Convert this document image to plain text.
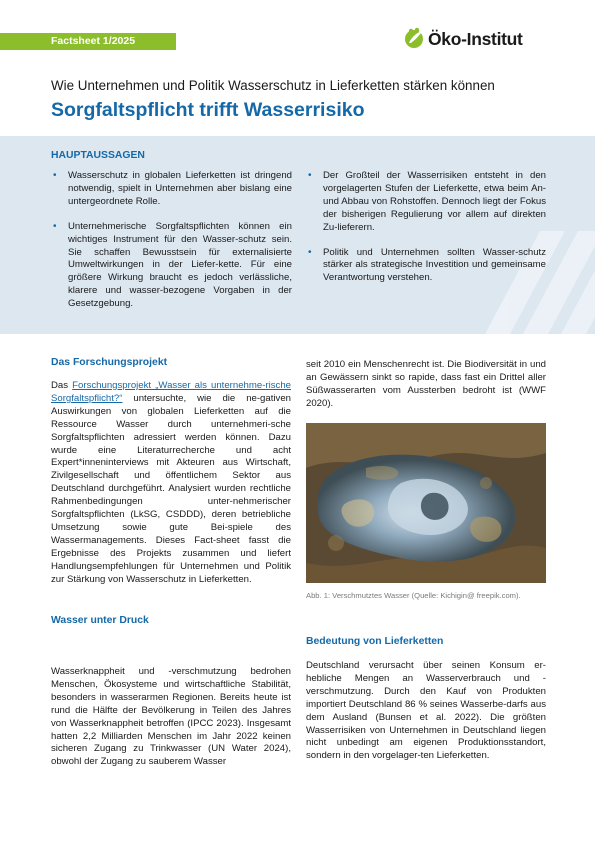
Factsheet 1/2025	Öko-Institut
Wie Unternehmen und Politik Wasserschutz in Lieferketten stärken können
Sorgfaltspflicht trifft Wasserrisiko
HAUPTAUSSAGEN
• Wasserschutz in globalen Lieferketten ist dringend notwendig, spielt in Unternehmen aber bislang eine untergeordnete Rolle.
• Unternehmerische Sorgfaltspflichten können ein wichtiges Instrument für den Wasser-schutz sein. Sie schaffen Bewusstsein für externalisierte Umweltwirkungen in der Liefer-kette. Für eine größere Wirkung braucht es jedoch verlässliche, klarere und wasser-bezogene Vorgaben in der Gesetzgebung.
• Der Großteil der Wasserrisiken entsteht in den vorgelagerten Stufen der Lieferkette, etwa beim An- und Abbau von Rohstoffen. Dennoch liegt der Fokus der bisherigen Regulierung vor allem auf direkten Zu-lieferern.
• Politik und Unternehmen sollten Wasser-schutz stärker als strategische Investition und gemeinsame Verantwortung verstehen.
Das Forschungsprojekt

Das Forschungsprojekt „Wasser als unternehme-rische Sorgfaltspflicht?“ untersuchte, wie die ne-gativen Auswirkungen von globalen Lieferketten auf die Ressource Wasser durch unternehmeri-sche Sorgfaltspflichten adressiert werden können. Dazu wurde eine Literaturrecherche und acht Expert*inneninterviews mit Akteuren aus Wirtschaft, Zivilgesellschaft und öffentlichem Sektor aus Deutschland durchgeführt. Analysiert wurden rechtliche Rahmenbedingungen unter-nehmerischer Sorgfaltspflichten (LkSG, CSDDD), deren betriebliche Umsetzung sowie gute Bei-spiele des Wassermanagements. Dieses Fact-sheet fasst die Ergebnisse des Projekts zusammen und liefert Handlungsempfehlungen für Unternehmen und Politik zur Stärkung von Wasserschutz in Lieferketten.

Wasser unter Druck

Wasserknappheit und -verschmutzung bedrohen Menschen, Ökosysteme und wirtschaftliche Stabilität, besonders in wasserarmen Regionen. Bereits heute ist rund die Hälfte der Bevölkerung in Teilen des Jahres von Wasserknappheit betroffen (IPCC 2023). Insgesamt hatten 2,2 Milliarden Menschen im Jahr 2022 keinen sicheren Zugang zu Trinkwasser (UN Water 2024), obwohl der Zugang zu sauberem Wasser

seit 2010 ein Menschenrecht ist. Die Biodiversität in und an Gewässern sinkt so rapide, dass fast ein Drittel aller Süßwasserarten vom Aussterben bedroht ist (WWF 2020).

Abb. 1: Verschmutztes Wasser (Quelle: Kichigin@ freepik.com).
Bedeutung von Lieferketten

Deutschland verursacht über seinen Konsum er-hebliche Mengen an Wasserverbrauch und -verschmutzung. Durch den Kauf von Produkten importiert Deutschland 86 % seines Wasserbe-darfs aus dem Ausland (Bunsen et al. 2022). Die größten Wasserrisiken von Unternehmen in Deutschland liegen nicht unbedingt am eigenen Produktionsstandort, sondern in den vorgelager-ten Lieferketten.
